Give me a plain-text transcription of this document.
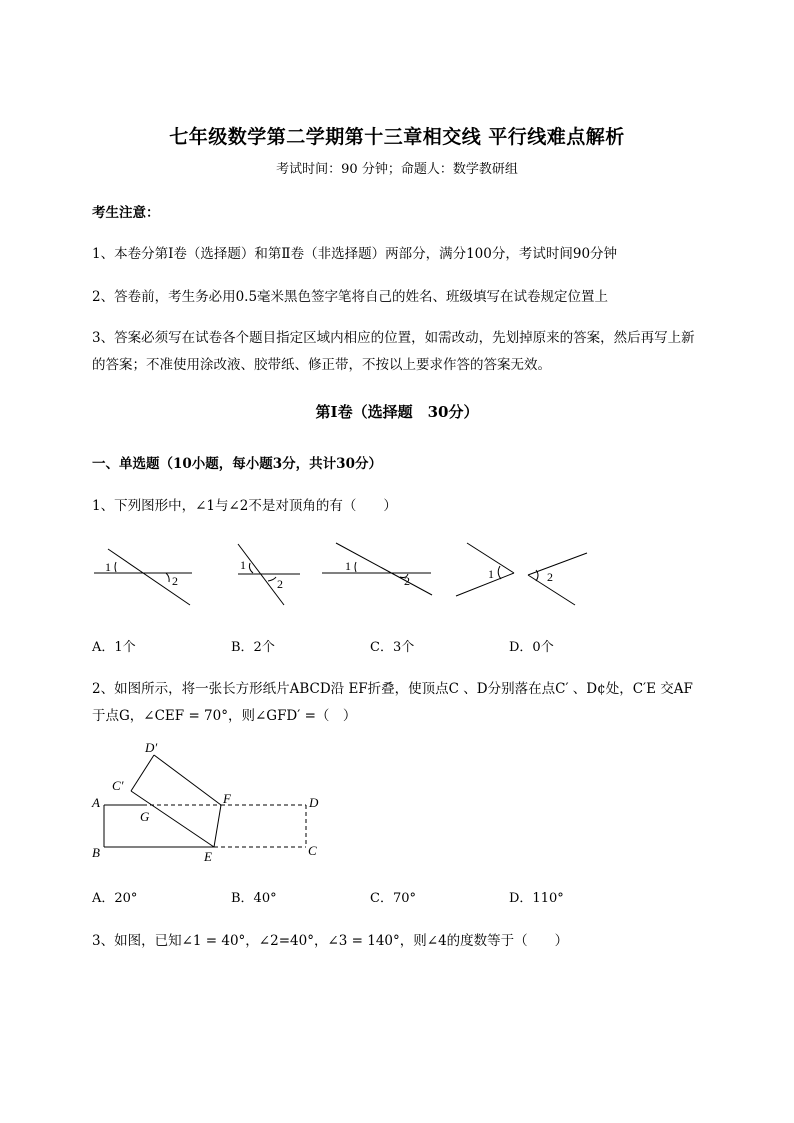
七年级数学第二学期第十三章相交线 平行线难点解析
考试时间：90 分钟；命题人：数学教研组
考生注意：
1、本卷分第Ⅰ卷（选择题）和第Ⅱ卷（非选择题）两部分，满分100分，考试时间90分钟
2、答卷前，考生务必用0.5毫米黑色签字笔将自己的姓名、班级填写在试卷规定位置上
3、答案必须写在试卷各个题目指定区域内相应的位置，如需改动，先划掉原来的答案，然后再写上新
的答案；不准使用涂改液、胶带纸、修正带，不按以上要求作答的答案无效。
第Ⅰ卷（选择题　30分）
一、单选题（10小题，每小题3分，共计30分）
1、下列图形中，∠1与∠2不是对顶角的有（　　）
1
2
1
2
1
2	1	2
A．1个	B．2个	C．3个	D．0个
2、如图所示，将一张长方形纸片ABCD沿 EF折叠，使顶点C 、D分别落在点C′ 、D¢处，C′E 交AF
于点G，∠CEF = 70°，则∠GFD′ =（　）
D′
C′
A
G
F	D
B	E	C
A．20°	B．40°	C．70°	D．110°
3、如图，已知∠1 = 40°，∠2=40°，∠3 = 140°，则∠4的度数等于（　　）
